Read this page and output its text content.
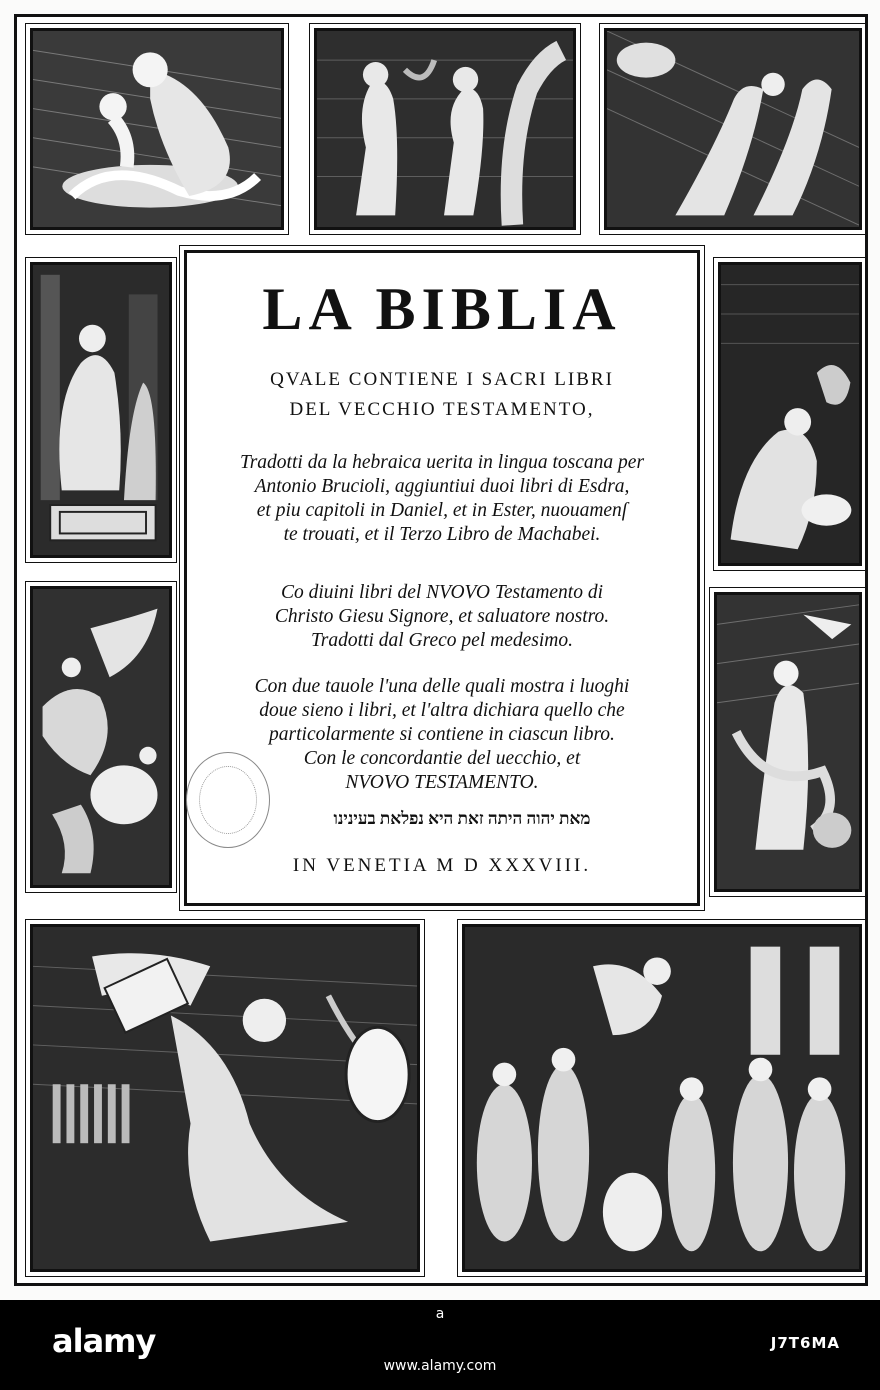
LA BIBLIA
QVALE CONTIENE I SACRI LIBRI
DEL VECCHIO TESTAMENTO,
Tradotti da la hebraica uerita in lingua toscana per
Antonio Brucioli, aggiuntiui duoi libri di Esdra,
et piu capitoli in Daniel, et in Ester, nuouamenſ
te trouati, et il Terzo Libro de Machabei.
Co diuini libri del NVOVO Testamento di
Christo Giesu Signore, et saluatore nostro.
Tradotti dal Greco pel medesimo.
Con due tauole l'una delle quali mostra i luoghi
doue sieno i libri, et l'altra dichiara quello che
particolarmente si contiene in ciascun libro.
Con le concordantie del uecchio, et
NVOVO TESTAMENTO.
מאת יהוה היתה זאת היא נפלאת בעינינו
IN VENETIA M D XXXVIII.
a
alamy
www.alamy.com
J7T6MA
